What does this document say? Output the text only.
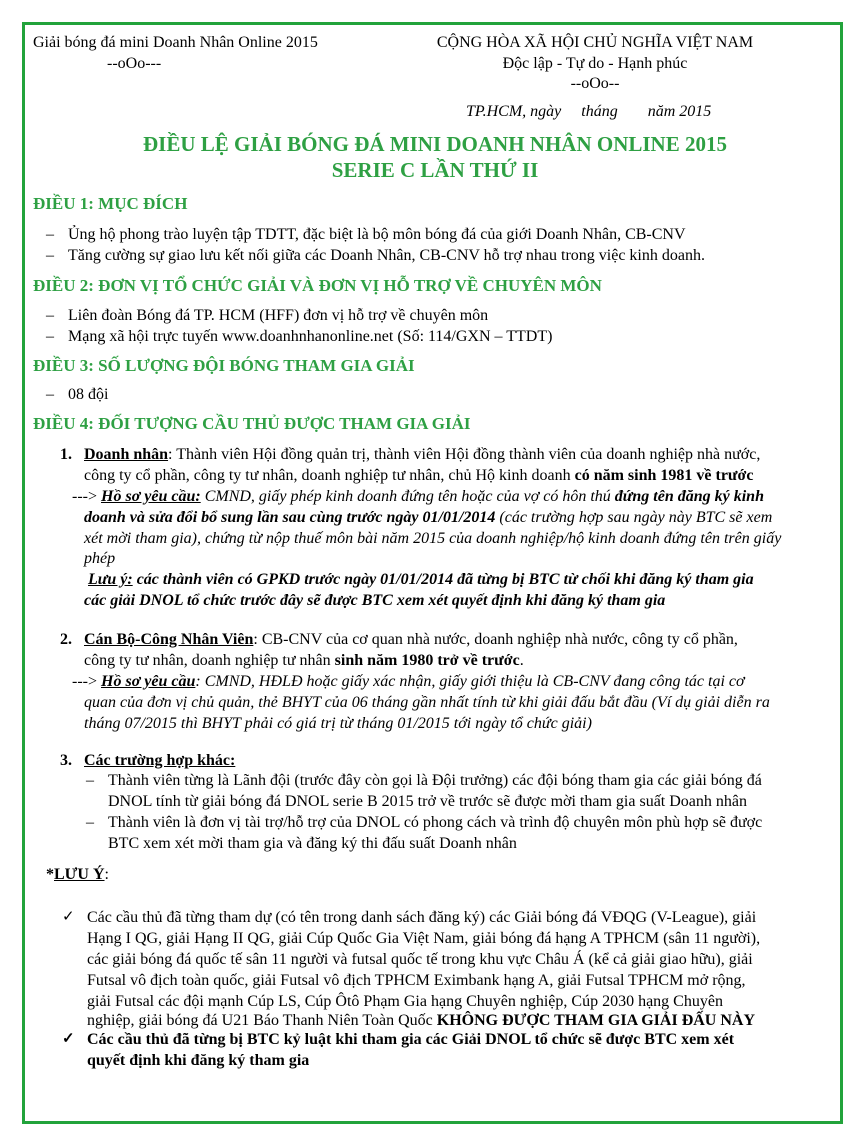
Giải bóng đá mini Doanh Nhân Online 2015
--oOo---
CỘNG HÒA XÃ HỘI CHỦ NGHĨA VIỆT NAM
Độc lập - Tự do - Hạnh phúc
--oOo--
TP.HCM, ngày tháng năm 2015
ĐIỀU LỆ GIẢI BÓNG ĐÁ MINI DOANH NHÂN ONLINE 2015
SERIE C LẦN THỨ II
ĐIỀU 1: MỤC ĐÍCH
– Ủng hộ phong trào luyện tập TDTT, đặc biệt là bộ môn bóng đá của giới Doanh Nhân, CB-CNV
– Tăng cường sự giao lưu kết nối giữa các Doanh Nhân, CB-CNV hỗ trợ nhau trong việc kinh doanh.
ĐIỀU 2: ĐƠN VỊ TỔ CHỨC GIẢI VÀ ĐƠN VỊ HỖ TRỢ VỀ CHUYÊN MÔN
– Liên đoàn Bóng đá TP. HCM (HFF) đơn vị hỗ trợ về chuyên môn
– Mạng xã hội trực tuyến www.doanhnhanonline.net (Số: 114/GXN – TTDT)
ĐIỀU 3: SỐ LƯỢNG ĐỘI BÓNG THAM GIA GIẢI
– 08 đội
ĐIỀU 4: ĐỐI TƯỢNG CẦU THỦ ĐƯỢC THAM GIA GIẢI
1. Doanh nhân: Thành viên Hội đồng quản trị, thành viên Hội đồng thành viên của doanh nghiệp nhà nước,
công ty cổ phần, công ty tư nhân, doanh nghiệp tư nhân, chủ Hộ kinh doanh có năm sinh 1981 về trước
---> Hồ sơ yêu cầu: CMND, giấy phép kinh doanh đứng tên hoặc của vợ có hôn thú đứng tên đăng ký kinh
doanh và sửa đổi bổ sung lần sau cùng trước ngày 01/01/2014 (các trường hợp sau ngày này BTC sẽ xem
xét mời tham gia), chứng từ nộp thuế môn bài năm 2015 của doanh nghiệp/hộ kinh doanh đứng tên trên giấy
phép
Lưu ý: các thành viên có GPKD trước ngày 01/01/2014 đã từng bị BTC từ chối khi đăng ký tham gia
các giải DNOL tổ chức trước đây sẽ được BTC xem xét quyết định khi đăng ký tham gia
2. Cán Bộ-Công Nhân Viên: CB-CNV của cơ quan nhà nước, doanh nghiệp nhà nước, công ty cổ phần,
công ty tư nhân, doanh nghiệp tư nhân sinh năm 1980 trở về trước.
---> Hồ sơ yêu cầu: CMND, HĐLĐ hoặc giấy xác nhận, giấy giới thiệu là CB-CNV đang công tác tại cơ
quan của đơn vị chủ quản, thẻ BHYT của 06 tháng gần nhất tính từ khi giải đấu bắt đầu (Ví dụ giải diễn ra
tháng 07/2015 thì BHYT phải có giá trị từ tháng 01/2015 tới ngày tổ chức giải)
3. Các trường hợp khác:
– Thành viên từng là Lãnh đội (trước đây còn gọi là Đội trưởng) các đội bóng tham gia các giải bóng đá
DNOL tính từ giải bóng đá DNOL serie B 2015 trở về trước sẽ được mời tham gia suất Doanh nhân
– Thành viên là đơn vị tài trợ/hỗ trợ của DNOL có phong cách và trình độ chuyên môn phù hợp sẽ được
BTC xem xét mời tham gia và đăng ký thi đấu suất Doanh nhân
*LƯU Ý:
✓ Các cầu thủ đã từng tham dự (có tên trong danh sách đăng ký) các Giải bóng đá VĐQG (V-League), giải
Hạng I QG, giải Hạng II QG, giải Cúp Quốc Gia Việt Nam, giải bóng đá hạng A TPHCM (sân 11 người),
các giải bóng đá quốc tế sân 11 người và futsal quốc tế trong khu vực Châu Á (kể cả giải giao hữu), giải
Futsal vô địch toàn quốc, giải Futsal vô địch TPHCM Eximbank hạng A, giải Futsal TPHCM mở rộng,
giải Futsal các đội mạnh Cúp LS, Cúp Ôtô Phạm Gia hạng Chuyên nghiệp, Cúp 2030 hạng Chuyên
nghiệp, giải bóng đá U21 Báo Thanh Niên Toàn Quốc KHÔNG ĐƯỢC THAM GIA GIẢI ĐẤU NÀY
✓ Các cầu thủ đã từng bị BTC kỷ luật khi tham gia các Giải DNOL tổ chức sẽ được BTC xem xét
quyết định khi đăng ký tham gia
